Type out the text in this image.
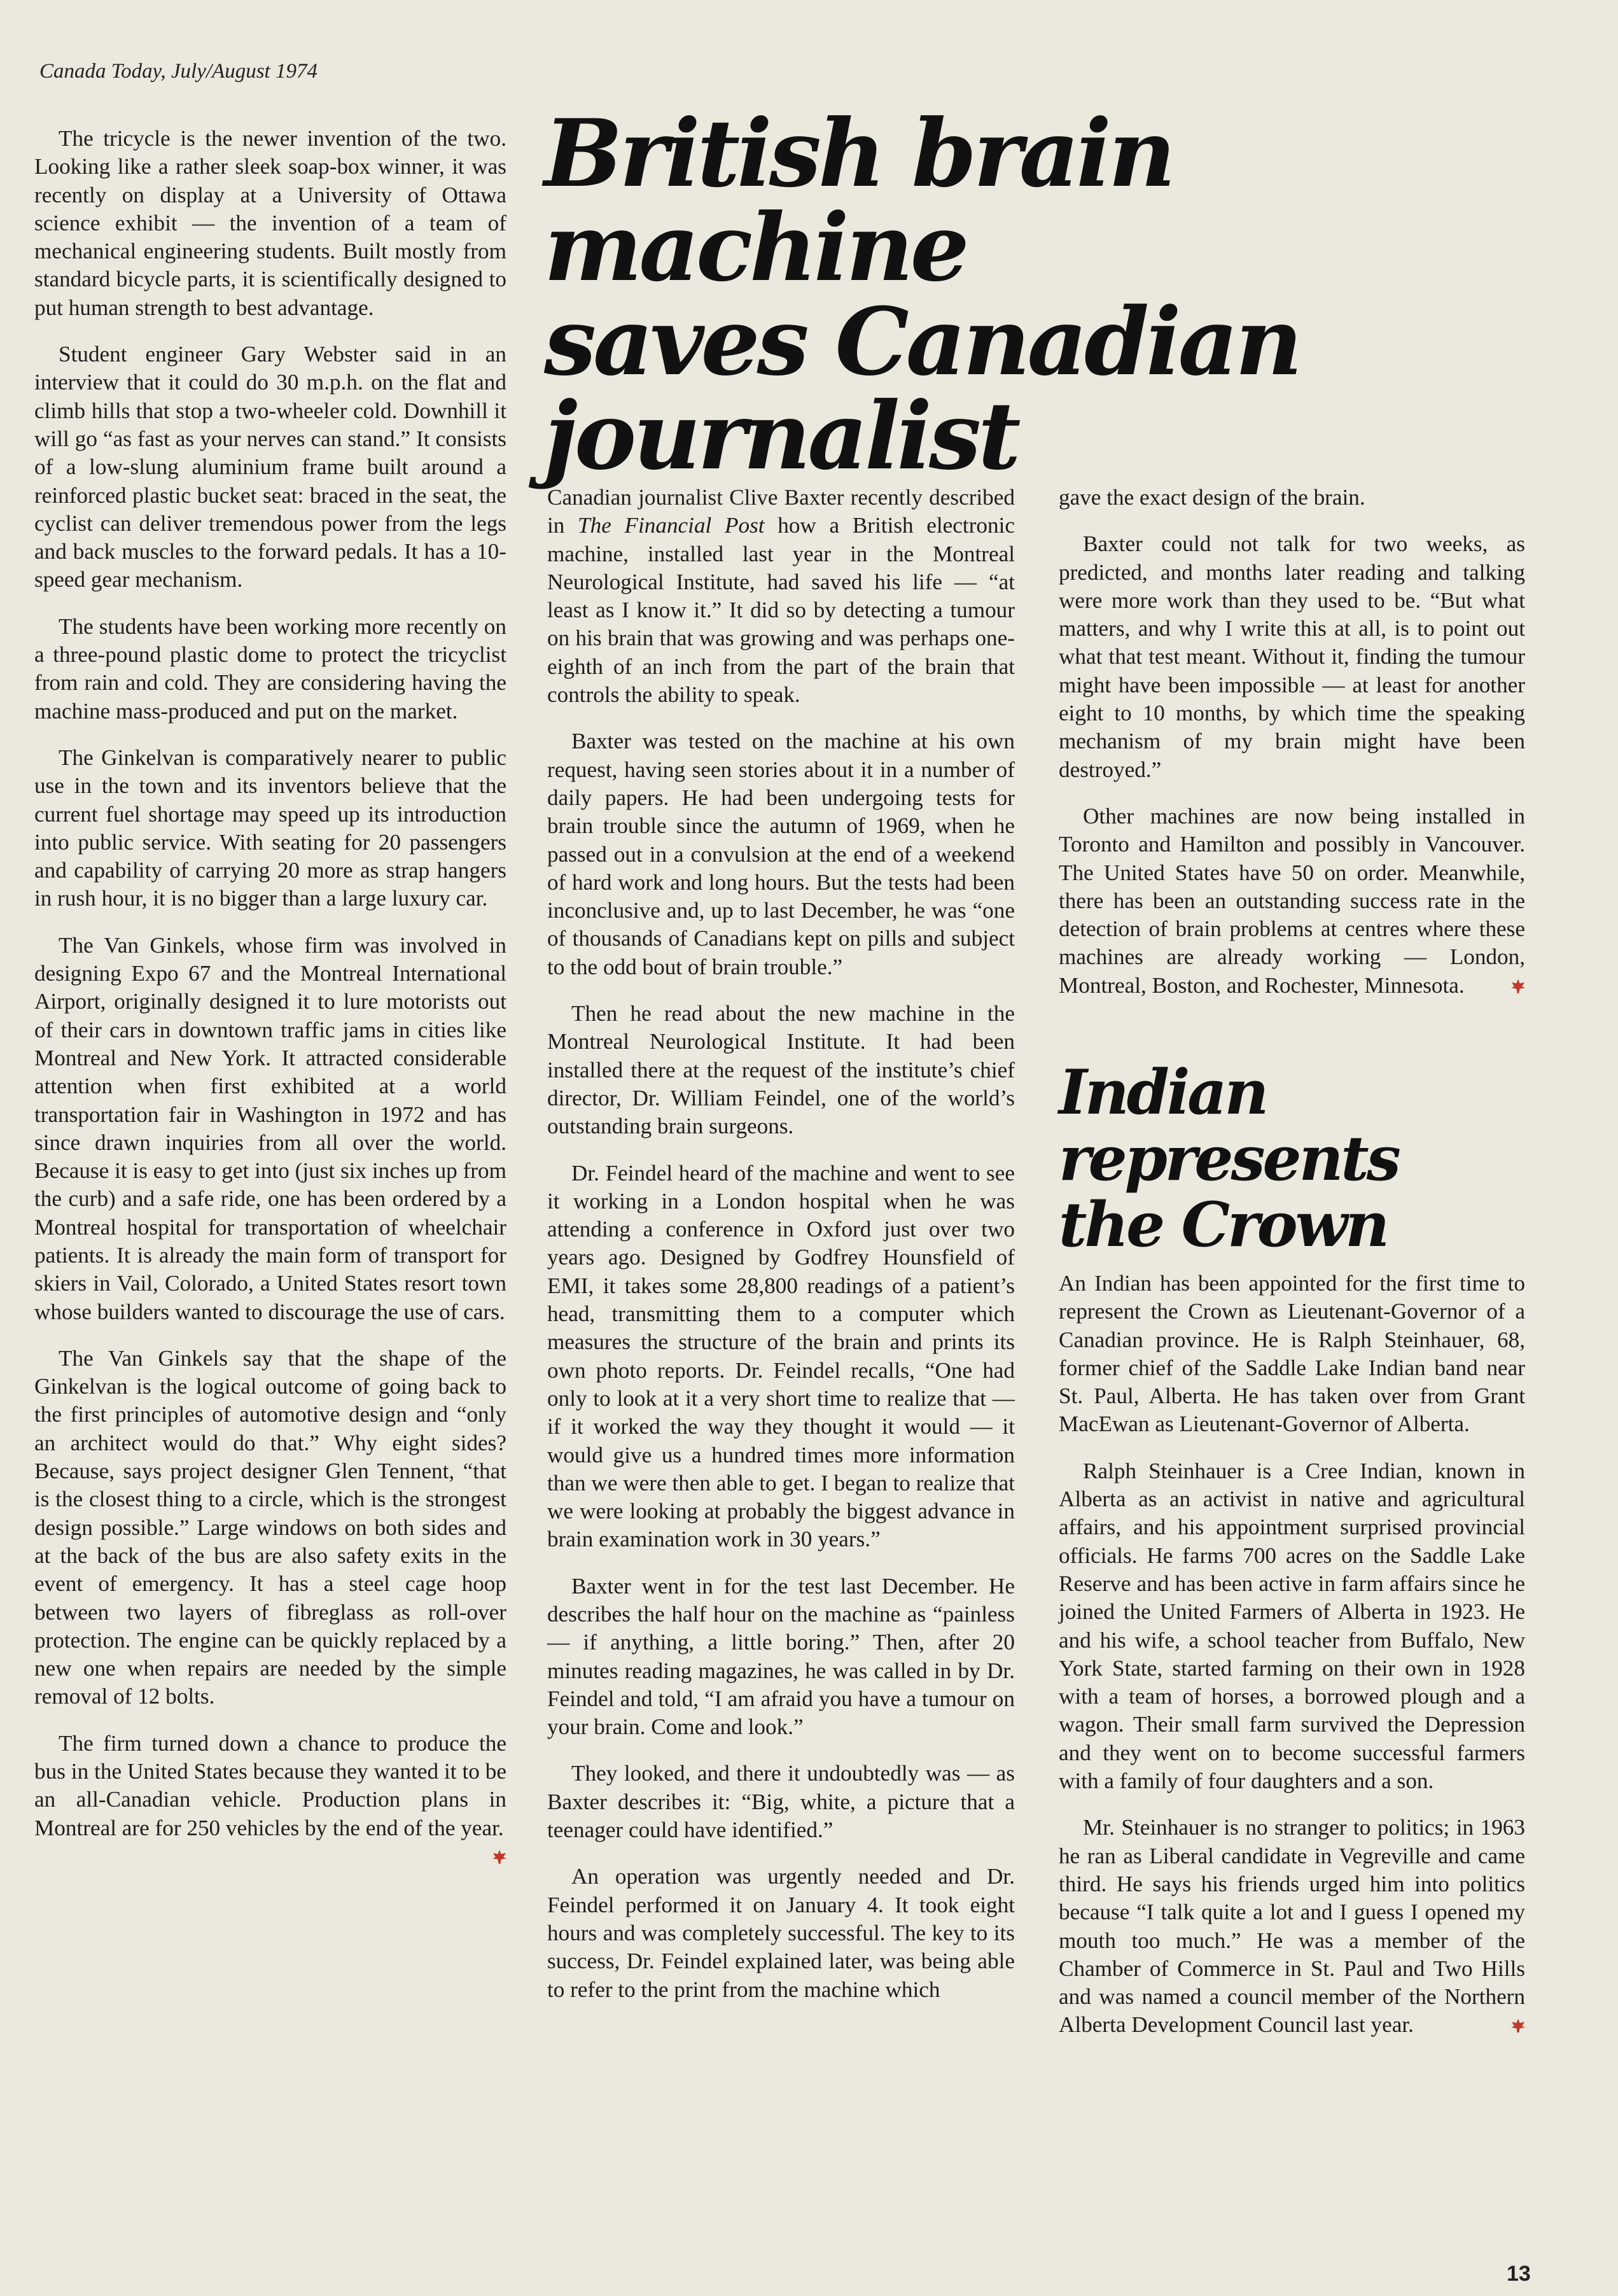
Canada Today, July/August 1974
British brain machine
saves Canadian
journalist

The tricycle is the newer invention of the two. Looking like a rather sleek soap-box winner, it was recently on display at a University of Ottawa science exhibit — the invention of a team of mechanical engineering students. Built mostly from standard bicycle parts, it is scientifically designed to put human strength to best advantage.

Student engineer Gary Webster said in an interview that it could do 30 m.p.h. on the flat and climb hills that stop a two-wheeler cold. Downhill it will go “as fast as your nerves can stand.” It consists of a low-slung aluminium frame built around a reinforced plastic bucket seat: braced in the seat, the cyclist can deliver tremendous power from the legs and back muscles to the forward pedals. It has a 10-speed gear mechanism.

The students have been working more recently on a three-pound plastic dome to protect the tricyclist from rain and cold. They are considering having the machine mass-produced and put on the market.

The Ginkelvan is comparatively nearer to public use in the town and its inventors believe that the current fuel shortage may speed up its introduction into public service. With seating for 20 passengers and capability of carrying 20 more as strap hangers in rush hour, it is no bigger than a large luxury car.

The Van Ginkels, whose firm was involved in designing Expo 67 and the Montreal International Airport, originally designed it to lure motorists out of their cars in downtown traffic jams in cities like Montreal and New York. It attracted considerable attention when first exhibited at a world transportation fair in Washington in 1972 and has since drawn inquiries from all over the world. Because it is easy to get into (just six inches up from the curb) and a safe ride, one has been ordered by a Montreal hospital for transportation of wheelchair patients. It is already the main form of transport for skiers in Vail, Colorado, a United States resort town whose builders wanted to discourage the use of cars.

The Van Ginkels say that the shape of the Ginkelvan is the logical outcome of going back to the first principles of automotive design and “only an architect would do that.” Why eight sides? Because, says project designer Glen Tennent, “that is the closest thing to a circle, which is the strongest design possible.” Large windows on both sides and at the back of the bus are also safety exits in the event of emergency. It has a steel cage hoop between two layers of fibreglass as roll-over protection. The engine can be quickly replaced by a new one when repairs are needed by the simple removal of 12 bolts.

The firm turned down a chance to produce the bus in the United States because they wanted it to be an all-Canadian vehicle. Production plans in Montreal are for 250 vehicles by the end of the year.

Canadian journalist Clive Baxter recently described in The Financial Post how a British electronic machine, installed last year in the Montreal Neurological Institute, had saved his life — “at least as I know it.” It did so by detecting a tumour on his brain that was growing and was perhaps one-eighth of an inch from the part of the brain that controls the ability to speak.

Baxter was tested on the machine at his own request, having seen stories about it in a number of daily papers. He had been undergoing tests for brain trouble since the autumn of 1969, when he passed out in a convulsion at the end of a weekend of hard work and long hours. But the tests had been inconclusive and, up to last December, he was “one of thousands of Canadians kept on pills and subject to the odd bout of brain trouble.”

Then he read about the new machine in the Montreal Neurological Institute. It had been installed there at the request of the institute’s chief director, Dr. William Feindel, one of the world’s outstanding brain surgeons.

Dr. Feindel heard of the machine and went to see it working in a London hospital when he was attending a conference in Oxford just over two years ago. Designed by Godfrey Hounsfield of EMI, it takes some 28,800 readings of a patient’s head, transmitting them to a computer which measures the structure of the brain and prints its own photo reports. Dr. Feindel recalls, “One had only to look at it a very short time to realize that — if it worked the way they thought it would — it would give us a hundred times more information than we were then able to get. I began to realize that we were looking at probably the biggest advance in brain examination work in 30 years.”

Baxter went in for the test last December. He describes the half hour on the machine as “painless — if anything, a little boring.” Then, after 20 minutes reading magazines, he was called in by Dr. Feindel and told, “I am afraid you have a tumour on your brain. Come and look.”

They looked, and there it undoubtedly was — as Baxter describes it: “Big, white, a picture that a teenager could have identified.”

An operation was urgently needed and Dr. Feindel performed it on January 4. It took eight hours and was completely successful. The key to its success, Dr. Feindel explained later, was being able to refer to the print from the machine which

gave the exact design of the brain.

Baxter could not talk for two weeks, as predicted, and months later reading and talking were more work than they used to be. “But what matters, and why I write this at all, is to point out what that test meant. Without it, finding the tumour might have been impossible — at least for another eight to 10 months, by which time the speaking mechanism of my brain might have been destroyed.”

Other machines are now being installed in Toronto and Hamilton and possibly in Vancouver. The United States have 50 on order. Meanwhile, there has been an outstanding success rate in the detection of brain problems at centres where these machines are already working — London, Montreal, Boston, and Rochester, Minnesota.

Indian
represents
the Crown

An Indian has been appointed for the first time to represent the Crown as Lieutenant-Governor of a Canadian province. He is Ralph Steinhauer, 68, former chief of the Saddle Lake Indian band near St. Paul, Alberta. He has taken over from Grant MacEwan as Lieutenant-Governor of Alberta.

Ralph Steinhauer is a Cree Indian, known in Alberta as an activist in native and agricultural affairs, and his appointment surprised provincial officials. He farms 700 acres on the Saddle Lake Reserve and has been active in farm affairs since he joined the United Farmers of Alberta in 1923. He and his wife, a school teacher from Buffalo, New York State, started farming on their own in 1928 with a team of horses, a borrowed plough and a wagon. Their small farm survived the Depression and they went on to become successful farmers with a family of four daughters and a son.

Mr. Steinhauer is no stranger to politics; in 1963 he ran as Liberal candidate in Vegreville and came third. He says his friends urged him into politics because “I talk quite a lot and I guess I opened my mouth too much.” He was a member of the Chamber of Commerce in St. Paul and Two Hills and was named a council member of the Northern Alberta Development Council last year.

13
